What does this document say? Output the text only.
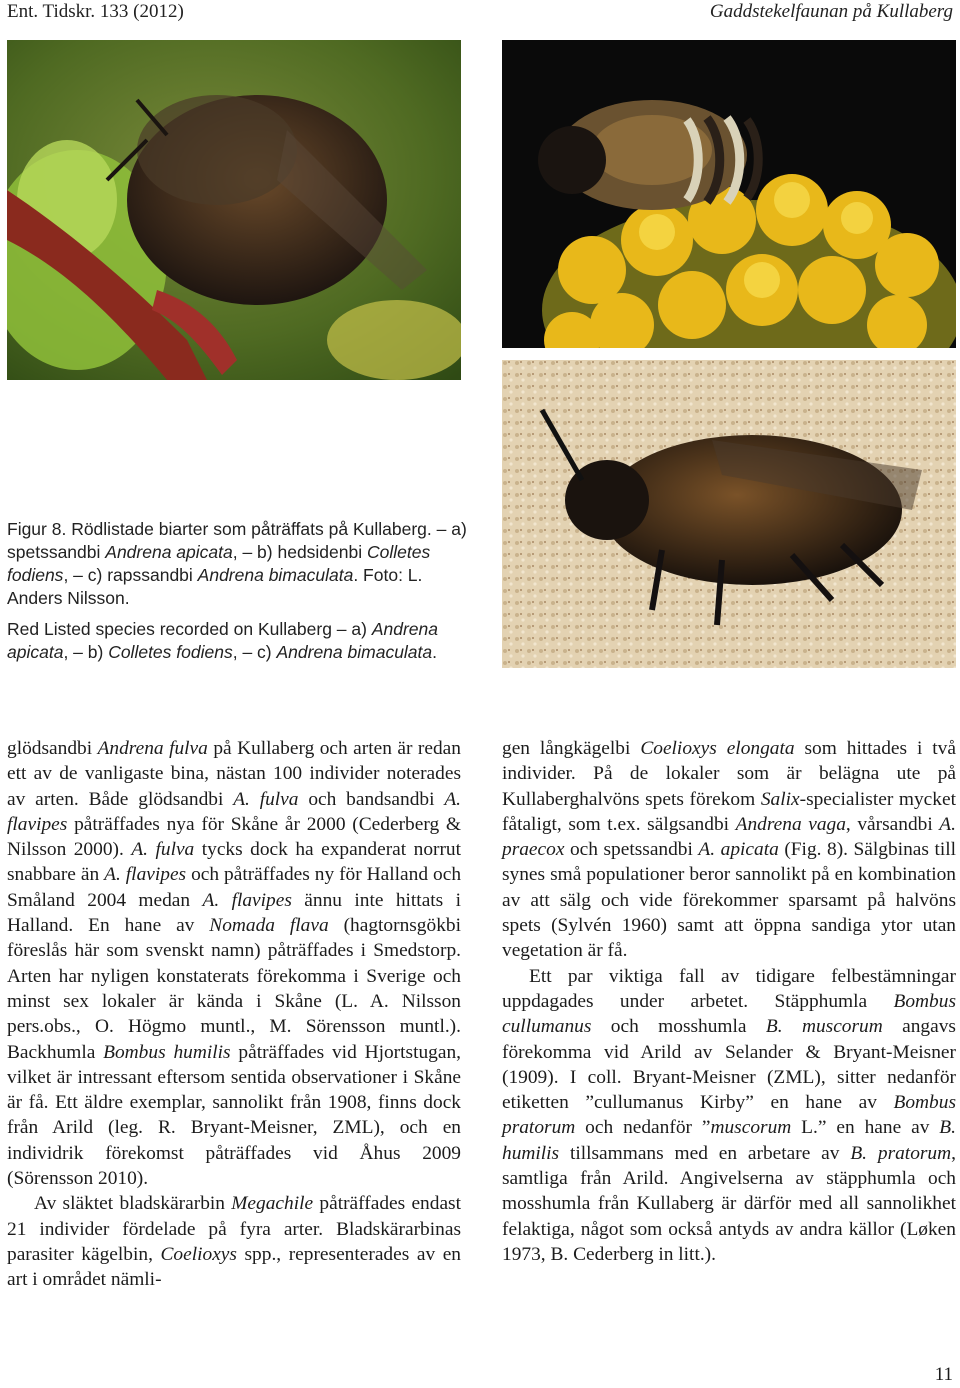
Ent. Tidskr. 133 (2012)	Gaddstekelfaunan på Kullaberg

Figur 8. Rödlistade biarter som påträffats på Kullaberg. – a) spetssandbi Andrena apicata, – b) hedsidenbi Colletes fodiens, – c) rapssandbi Andrena bimaculata. Foto: L. Anders Nilsson.

Red Listed species recorded on Kullaberg – a) Andrena apicata, – b) Colletes fodiens, – c) Andrena bimaculata.

glödsandbi Andrena fulva på Kullaberg och arten är redan ett av de vanligaste bina, nästan 100 individer noterades av arten. Både glödsandbi A. fulva och bandsandbi A. flavipes påträffades nya för Skåne år 2000 (Cederberg & Nilsson 2000). A. fulva tycks dock ha expanderat norrut snabbare än A. flavipes och påträffades ny för Halland och Småland 2004 medan A. flavipes ännu inte hittats i Halland. En hane av Nomada flava (hagtornsgökbi föreslås här som svenskt namn) påträffades i Smedstorp. Arten har nyligen konstaterats förekomma i Sverige och minst sex lokaler är kända i Skåne (L. A. Nilsson pers.obs., O. Högmo muntl., M. Sörensson muntl.). Backhumla Bombus humilis påträffades vid Hjortstugan, vilket är intressant eftersom sentida observationer i Skåne är få. Ett äldre exemplar, sannolikt från 1908, finns dock från Arild (leg. R. Bryant-Meisner, ZML), och en individrik förekomst påträffades vid Åhus 2009 (Sörensson 2010).

Av släktet bladskärarbin Megachile påträffades endast 21 individer fördelade på fyra arter. Bladskärarbinas parasiter kägelbin, Coelioxys spp., representerades av en art i området nämli-

gen långkägelbi Coelioxys elongata som hittades i två individer. På de lokaler som är belägna ute på Kullaberghalvöns spets förekom Salix-specialister mycket fåtaligt, som t.ex. sälgsandbi Andrena vaga, vårsandbi A. praecox och spetssandbi A. apicata (Fig. 8). Sälgbinas till synes små populationer beror sannolikt på en kombination av att sälg och vide förekommer sparsamt på halvöns spets (Sylvén 1960) samt att öppna sandiga ytor utan vegetation är få.

Ett par viktiga fall av tidigare felbestämningar uppdagades under arbetet. Stäpphumla Bombus cullumanus och mosshumla B. muscorum angavs förekomma vid Arild av Selander & Bryant-Meisner (1909). I coll. Bryant-Meisner (ZML), sitter nedanför etiketten ”cullumanus Kirby” en hane av Bombus pratorum och nedanför ”muscorum L.” en hane av B. humilis tillsammans med en arbetare av B. pratorum, samtliga från Arild. Angivelserna av stäpphumla och mosshumla från Kullaberg är därför med all sannolikhet felaktiga, något som också antyds av andra källor (Løken 1973, B. Cederberg in litt.).

11
